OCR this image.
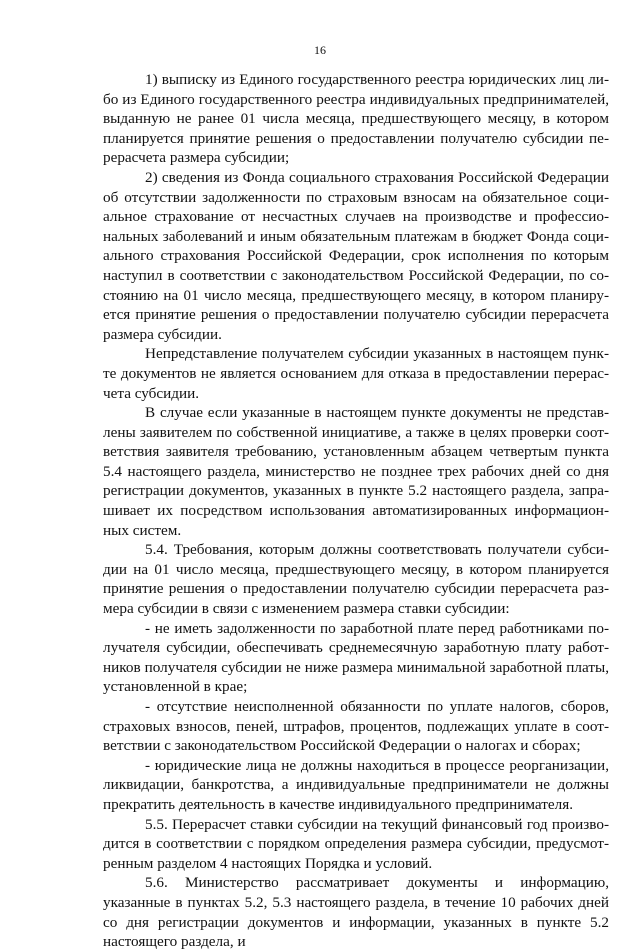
16

1) выписку из Единого государственного реестра юридических лиц либо из Единого государственного реестра индивидуальных предпринимателей, выданную не ранее 01 числа месяца, предшествующего месяцу, в котором планируется принятие решения о предоставлении получателю субсидии перерасчета размера субсидии;

2) сведения из Фонда социального страхования Российской Федерации об отсутствии задолженности по страховым взносам на обязательное социальное страхование от несчастных случаев на производстве и профессиональных заболеваний и иным обязательным платежам в бюджет Фонда социального страхования Российской Федерации, срок исполнения по которым наступил в соответствии с законодательством Российской Федерации, по состоянию на 01 число месяца, предшествующего месяцу, в котором планируется принятие решения о предоставлении получателю субсидии перерасчета размера субсидии.

Непредставление получателем субсидии указанных в настоящем пункте документов не является основанием для отказа в предоставлении перерасчета субсидии.

В случае если указанные в настоящем пункте документы не представлены заявителем по собственной инициативе, а также в целях проверки соответствия заявителя требованию, установленным абзацем четвертым пункта 5.4 настоящего раздела, министерство не позднее трех рабочих дней со дня регистрации документов, указанных в пункте 5.2 настоящего раздела, запрашивает их посредством использования автоматизированных информационных систем.

5.4. Требования, которым должны соответствовать получатели субсидии на 01 число месяца, предшествующего месяцу, в котором планируется принятие решения о предоставлении получателю субсидии перерасчета размера субсидии в связи с изменением размера ставки субсидии:

- не иметь задолженности по заработной плате перед работниками получателя субсидии, обеспечивать среднемесячную заработную плату работников получателя субсидии не ниже размера минимальной заработной платы, установленной в крае;

- отсутствие неисполненной обязанности по уплате налогов, сборов, страховых взносов, пеней, штрафов, процентов, подлежащих уплате в соответствии с законодательством Российской Федерации о налогах и сборах;

- юридические лица не должны находиться в процессе реорганизации, ликвидации, банкротства, а индивидуальные предприниматели не должны прекратить деятельность в качестве индивидуального предпринимателя.

5.5. Перерасчет ставки субсидии на текущий финансовый год производится в соответствии с порядком определения размера субсидии, предусмотренным разделом 4 настоящих Порядка и условий.

5.6. Министерство рассматривает документы и информацию, указанные в пунктах 5.2, 5.3 настоящего раздела, в течение 10 рабочих дней со дня регистрации документов и информации, указанных в пункте 5.2 настоящего раздела, и
